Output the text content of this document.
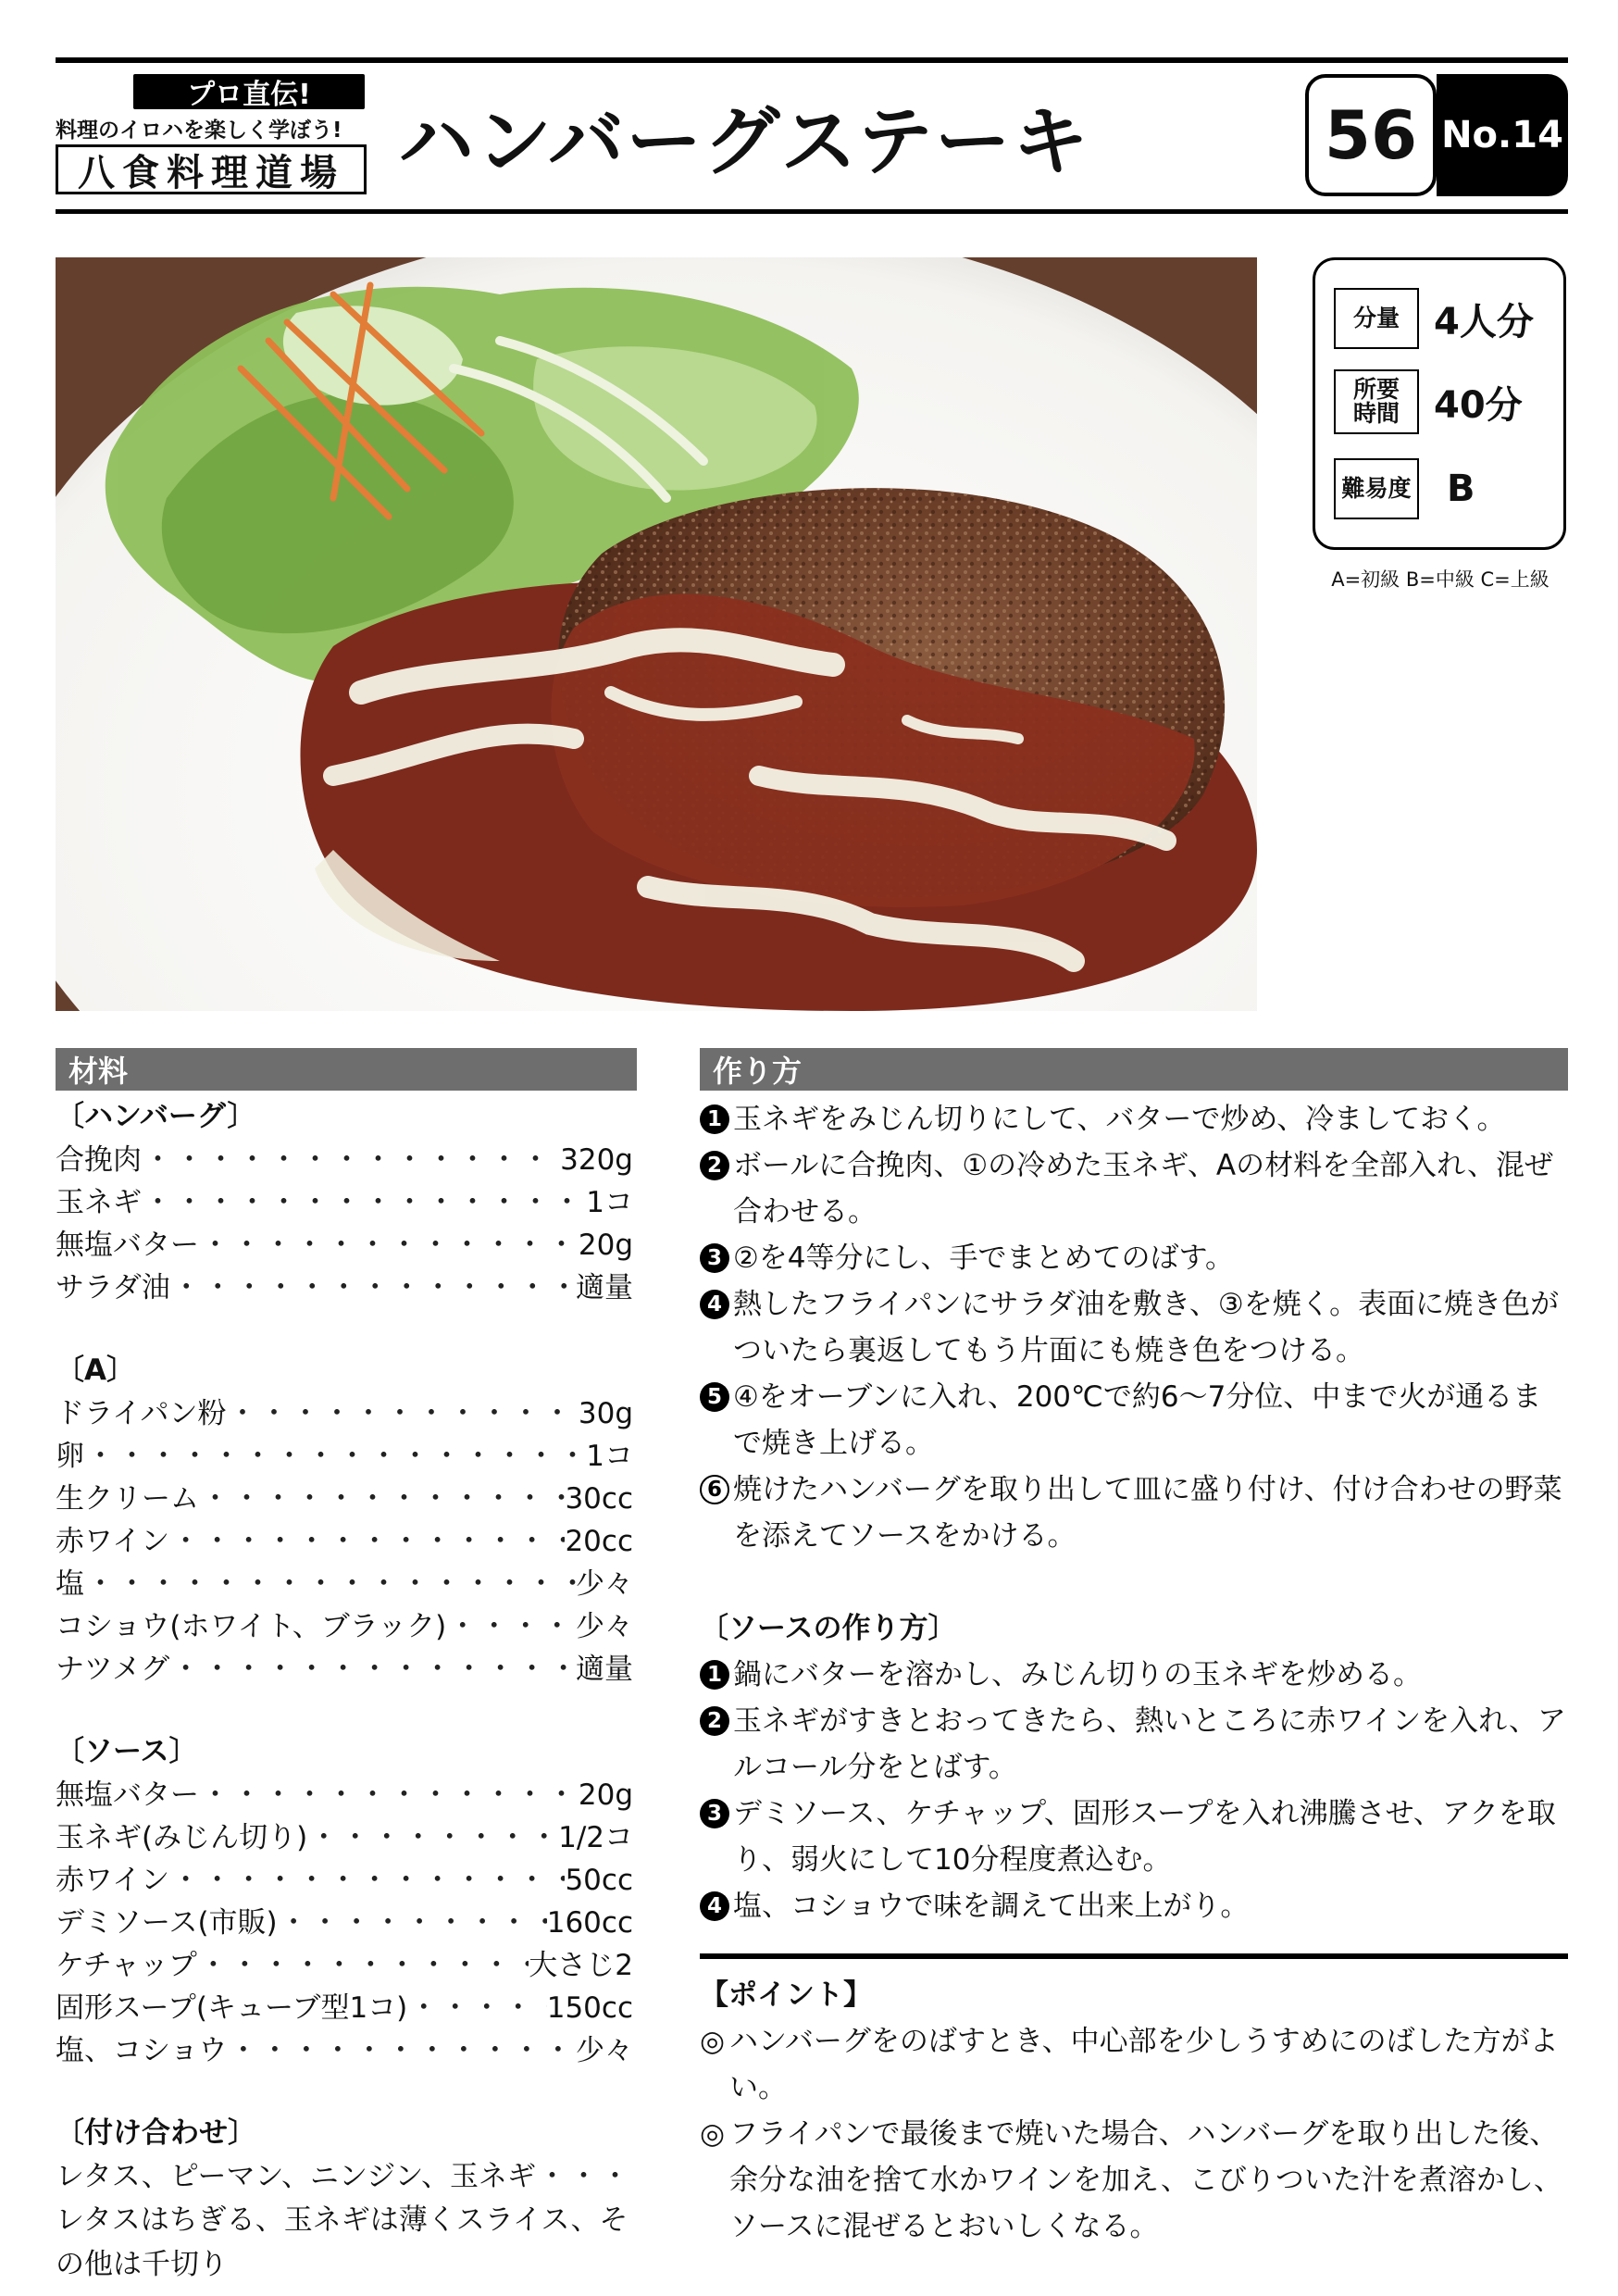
プロ直伝!
料理のイロハを楽しく学ぼう!
八食料理道場 ハンバーグステーキ	56 No.14
分量 4人分
所要
時間 40分
難易度 B
A=初級 B=中級 C=上級
材料
〔ハンバーグ〕
合挽肉 ・・・・・・・・・・・・・・・・・・・・・・・・・・・・・・・・・・・・・・・・	320g
玉ネギ ・・・・・・・・・・・・・・・・・・・・・・・・・・・・・・・・・・・・・・・・	1コ
無塩バター ・・・・・・・・・・・・・・・・・・・・・・・・・・・・・・・・・・・・・・・・	20g
サラダ油 ・・・・・・・・・・・・・・・・・・・・・・・・・・・・・・・・・・・・・・・・	適量
〔A〕
ドライパン粉 ・・・・・・・・・・・・・・・・・・・・・・・・・・・・・・・・・・・・・・・・	30g
卵 ・・・・・・・・・・・・・・・・・・・・・・・・・・・・・・・・・・・・・・・・	1コ
生クリーム ・・・・・・・・・・・・・・・・・・・・・・・・・・・・・・・・・・・・・・・・	30cc
赤ワイン ・・・・・・・・・・・・・・・・・・・・・・・・・・・・・・・・・・・・・・・・	20cc
塩 ・・・・・・・・・・・・・・・・・・・・・・・・・・・・・・・・・・・・・・・・	少々
コショウ(ホワイト、ブラック) ・・・・・・・・・・・・・・・・・・・・・・・・・・・・・・・・・・・・・・・・	少々
ナツメグ ・・・・・・・・・・・・・・・・・・・・・・・・・・・・・・・・・・・・・・・・	適量
〔ソース〕
無塩バター ・・・・・・・・・・・・・・・・・・・・・・・・・・・・・・・・・・・・・・・・	20g
玉ネギ(みじん切り) ・・・・・・・・・・・・・・・・・・・・・・・・・・・・・・・・・・・・・・・・	1/2コ
赤ワイン ・・・・・・・・・・・・・・・・・・・・・・・・・・・・・・・・・・・・・・・・	50cc
デミソース(市販) ・・・・・・・・・・・・・・・・・・・・・・・・・・・・・・・・・・・・・・・・	160cc
ケチャップ ・・・・・・・・・・・・・・・・・・・・・・・・・・・・・・・・・・・・・・・・	大さじ2
固形スープ(キューブ型1コ) ・・・・・・・・・・・・・・・・・・・・・・・・・・・・・・・・・・・・・・・・	150cc
塩、コショウ ・・・・・・・・・・・・・・・・・・・・・・・・・・・・・・・・・・・・・・・・	少々
〔付け合わせ〕
レタス、ピーマン、ニンジン、玉ネギ
・・・・・・・・・・・・・・・・・・・・・・・・・・・・・・・・・・・・・・・・
レタスはちぎる、玉ネギは薄くスライス、そ
の他は千切り
作り方
1 玉ネギをみじん切りにして、バターで炒め、冷ましておく。
2 ボールに合挽肉、①の冷めた玉ネギ、Aの材料を全部入れ、混ぜ合わせる。
3 ②を4等分にし、手でまとめてのばす。
4 熱したフライパンにサラダ油を敷き、③を焼く。表面に焼き色がついたら裏返してもう片面にも焼き色をつける。
5 ④をオーブンに入れ、200℃で約6〜7分位、中まで火が通るまで焼き上げる。
6 焼けたハンバーグを取り出して皿に盛り付け、付け合わせの野菜を添えてソースをかける。
〔ソースの作り方〕
1 鍋にバターを溶かし、みじん切りの玉ネギを炒める。
2 玉ネギがすきとおってきたら、熱いところに赤ワインを入れ、アルコール分をとばす。
3 デミソース、ケチャップ、固形スープを入れ沸騰させ、アクを取り、弱火にして10分程度煮込む。
4 塩、コショウで味を調えて出来上がり。
【ポイント】
◎ ハンバーグをのばすとき、中心部を少しうすめにのばした方がよい。
◎ フライパンで最後まで焼いた場合、ハンバーグを取り出した後、余分な油を捨て水かワインを加え、こびりついた汁を煮溶かし、ソースに混ぜるとおいしくなる。
